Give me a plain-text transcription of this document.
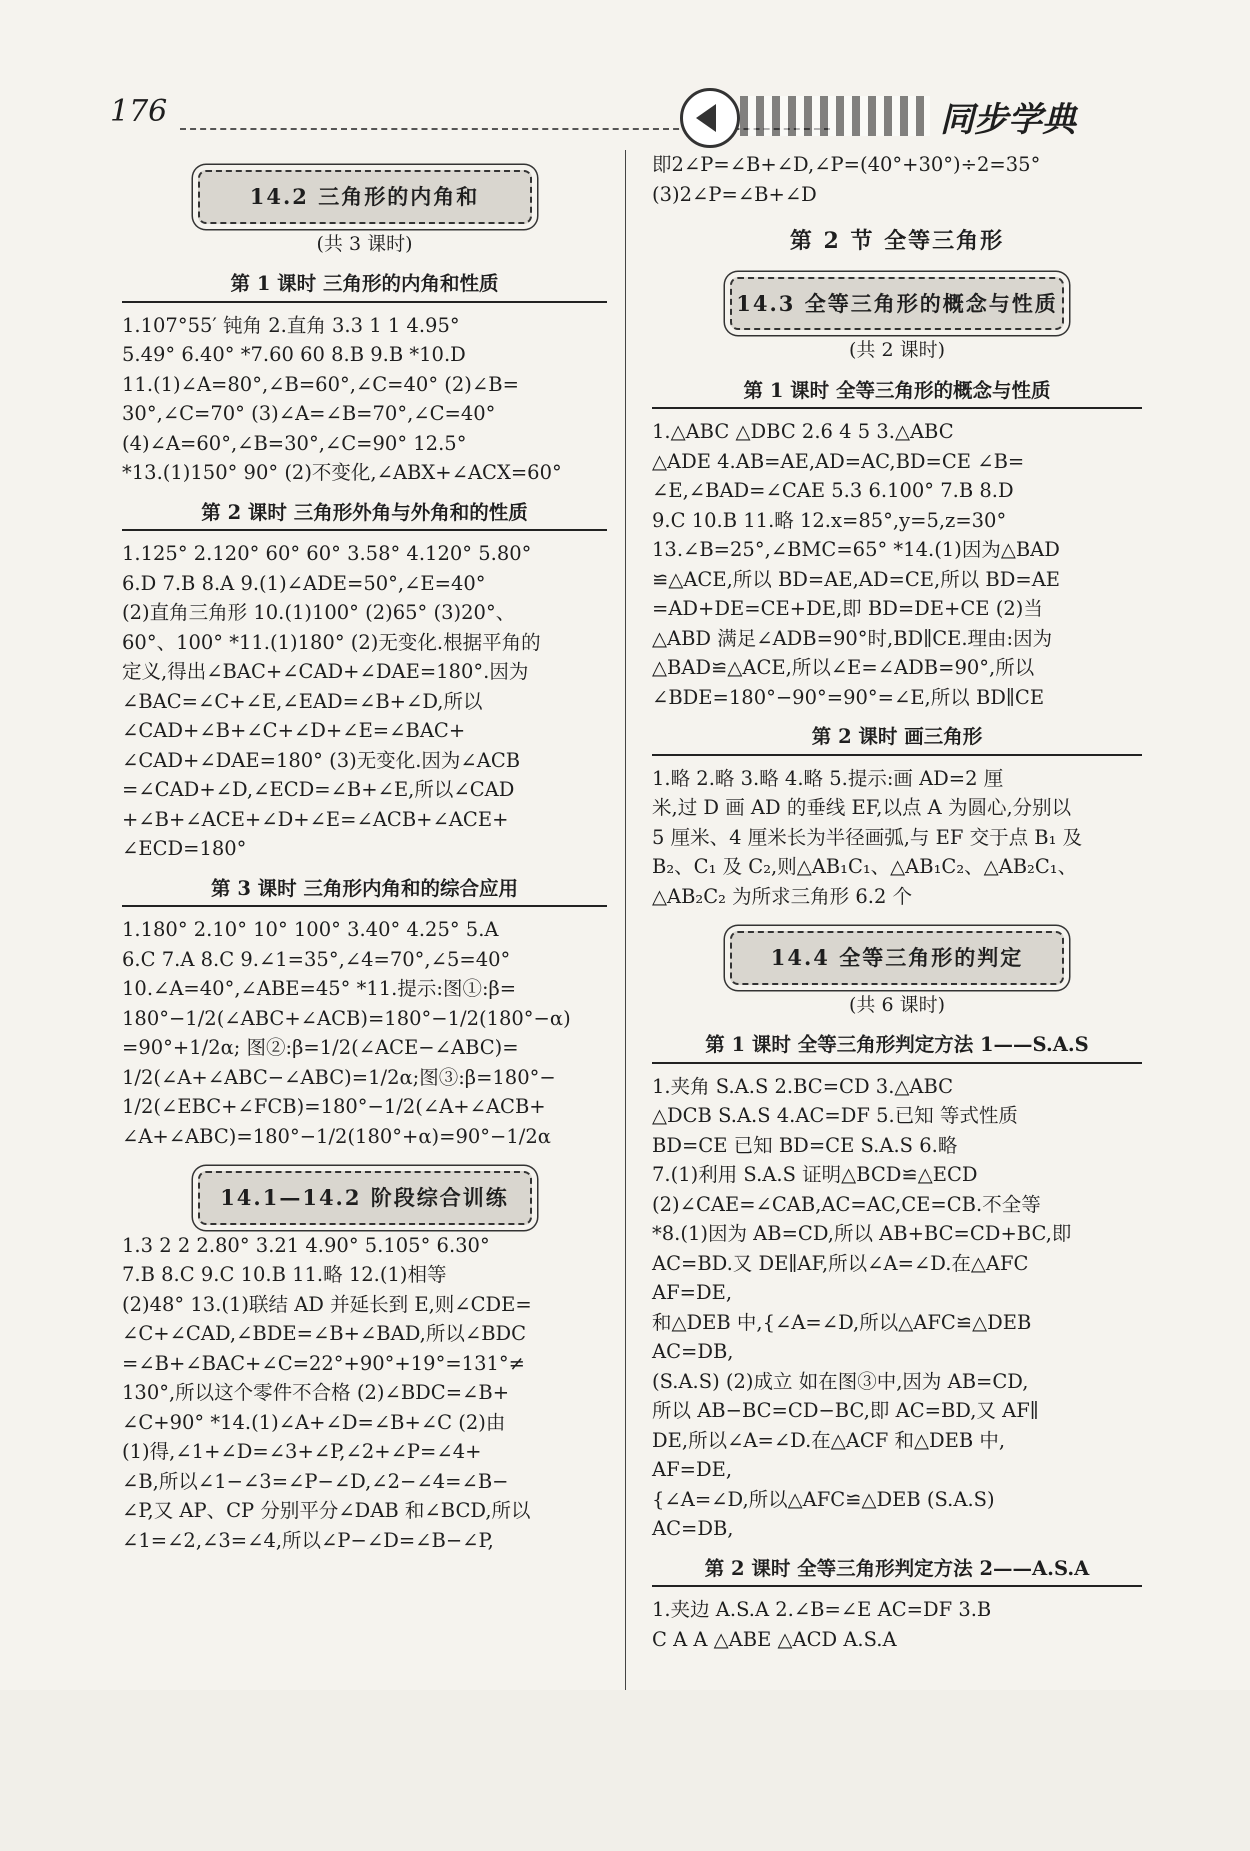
176	同步学典
14.2 三角形的内角和
(共 3 课时)
第 1 课时 三角形的内角和性质
1.107°55′ 钝角 2.直角 3.3 1 1 4.95°
5.49° 6.40° *7.60 60 8.B 9.B *10.D
11.(1)∠A=80°,∠B=60°,∠C=40° (2)∠B=
30°,∠C=70° (3)∠A=∠B=70°,∠C=40°
(4)∠A=60°,∠B=30°,∠C=90° 12.5°
*13.(1)150° 90° (2)不变化,∠ABX+∠ACX=60°
第 2 课时 三角形外角与外角和的性质
1.125° 2.120° 60° 60° 3.58° 4.120° 5.80°
6.D 7.B 8.A 9.(1)∠ADE=50°,∠E=40°
(2)直角三角形 10.(1)100° (2)65° (3)20°、
60°、100° *11.(1)180° (2)无变化.根据平角的
定义,得出∠BAC+∠CAD+∠DAE=180°.因为
∠BAC=∠C+∠E,∠EAD=∠B+∠D,所以
∠CAD+∠B+∠C+∠D+∠E=∠BAC+
∠CAD+∠DAE=180° (3)无变化.因为∠ACB
=∠CAD+∠D,∠ECD=∠B+∠E,所以∠CAD
+∠B+∠ACE+∠D+∠E=∠ACB+∠ACE+
∠ECD=180°
第 3 课时 三角形内角和的综合应用
1.180° 2.10° 10° 100° 3.40° 4.25° 5.A
6.C 7.A 8.C 9.∠1=35°,∠4=70°,∠5=40°
10.∠A=40°,∠ABE=45° *11.提示:图①:β=
180°−1/2(∠ABC+∠ACB)=180°−1/2(180°−α)
=90°+1/2α; 图②:β=1/2(∠ACE−∠ABC)=
1/2(∠A+∠ABC−∠ABC)=1/2α;图③:β=180°−
1/2(∠EBC+∠FCB)=180°−1/2(∠A+∠ACB+
∠A+∠ABC)=180°−1/2(180°+α)=90°−1/2α
14.1—14.2 阶段综合训练
1.3 2 2 2.80° 3.21 4.90° 5.105° 6.30°
7.B 8.C 9.C 10.B 11.略 12.(1)相等
(2)48° 13.(1)联结 AD 并延长到 E,则∠CDE=
∠C+∠CAD,∠BDE=∠B+∠BAD,所以∠BDC
=∠B+∠BAC+∠C=22°+90°+19°=131°≠
130°,所以这个零件不合格 (2)∠BDC=∠B+
∠C+90° *14.(1)∠A+∠D=∠B+∠C (2)由
(1)得,∠1+∠D=∠3+∠P,∠2+∠P=∠4+
∠B,所以∠1−∠3=∠P−∠D,∠2−∠4=∠B−
∠P,又 AP、CP 分别平分∠DAB 和∠BCD,所以
∠1=∠2,∠3=∠4,所以∠P−∠D=∠B−∠P,
即2∠P=∠B+∠D,∠P=(40°+30°)÷2=35°
(3)2∠P=∠B+∠D
第 2 节 全等三角形
14.3 全等三角形的概念与性质
(共 2 课时)
第 1 课时 全等三角形的概念与性质
1.△ABC △DBC 2.6 4 5 3.△ABC
△ADE 4.AB=AE,AD=AC,BD=CE ∠B=
∠E,∠BAD=∠CAE 5.3 6.100° 7.B 8.D
9.C 10.B 11.略 12.x=85°,y=5,z=30°
13.∠B=25°,∠BMC=65° *14.(1)因为△BAD
≌△ACE,所以 BD=AE,AD=CE,所以 BD=AE
=AD+DE=CE+DE,即 BD=DE+CE (2)当
△ABD 满足∠ADB=90°时,BD∥CE.理由:因为
△BAD≌△ACE,所以∠E=∠ADB=90°,所以
∠BDE=180°−90°=90°=∠E,所以 BD∥CE
第 2 课时 画三角形
1.略 2.略 3.略 4.略 5.提示:画 AD=2 厘
米,过 D 画 AD 的垂线 EF,以点 A 为圆心,分别以
5 厘米、4 厘米长为半径画弧,与 EF 交于点 B₁ 及
B₂、C₁ 及 C₂,则△AB₁C₁、△AB₁C₂、△AB₂C₁、
△AB₂C₂ 为所求三角形 6.2 个
14.4 全等三角形的判定
(共 6 课时)
第 1 课时 全等三角形判定方法 1——S.A.S
1.夹角 S.A.S 2.BC=CD 3.△ABC
△DCB S.A.S 4.AC=DF 5.已知 等式性质
BD=CE 已知 BD=CE S.A.S 6.略
7.(1)利用 S.A.S 证明△BCD≌△ECD
(2)∠CAE=∠CAB,AC=AC,CE=CB.不全等
*8.(1)因为 AB=CD,所以 AB+BC=CD+BC,即
AC=BD.又 DE∥AF,所以∠A=∠D.在△AFC
AF=DE,
和△DEB 中,{∠A=∠D,所以△AFC≌△DEB
AC=DB,
(S.A.S) (2)成立 如在图③中,因为 AB=CD,
所以 AB−BC=CD−BC,即 AC=BD,又 AF∥
DE,所以∠A=∠D.在△ACF 和△DEB 中,
AF=DE,
{∠A=∠D,所以△AFC≌△DEB (S.A.S)
AC=DB,
第 2 课时 全等三角形判定方法 2——A.S.A
1.夹边 A.S.A 2.∠B=∠E AC=DF 3.B
C A A △ABE △ACD A.S.A
